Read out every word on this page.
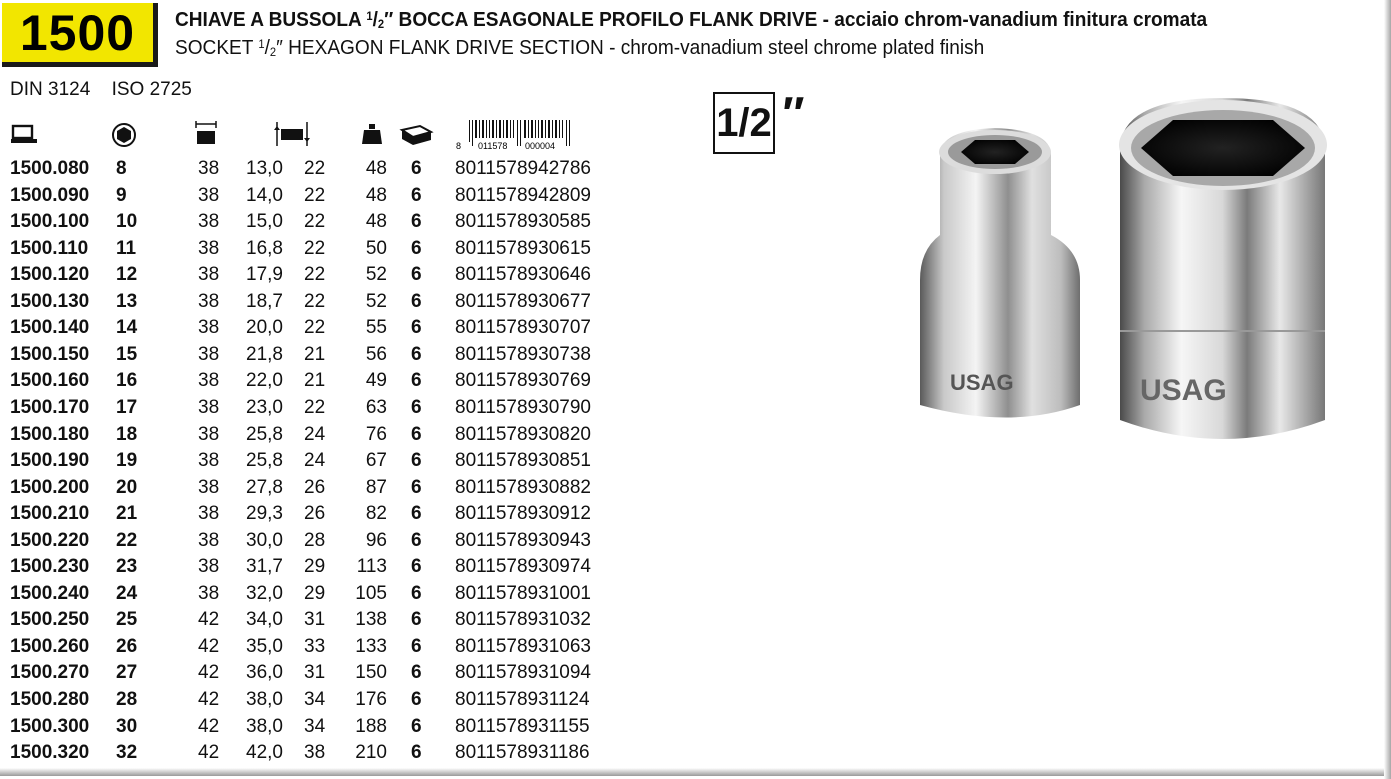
1500 CHIAVE A BUSSOLA $^1$/$^2$″ BOCCA ESAGONALE PROFILO FLANK DRIVE - acciaio chrom-vanadium finitura cromata
SOCKET $^1$/$^2$″ HEXAGON FLANK DRIVE SECTION - chrom-vanadium steel chrome plated finish
DIN 3124 ISO 2725
8 011578 000004
1500.080 8	38 13,0 22	48 6 8011578942786
1500.090 9	38 14,0 22	48 6 8011578942809
1500.100 10	38 15,0 22	48 6 8011578930585
1500.110 11	38 16,8 22	50 6 8011578930615
1500.120 12	38 17,9 22	52 6 8011578930646
1500.130 13	38 18,7 22	52 6 8011578930677
1500.140 14	38 20,0 22	55 6 8011578930707
1500.150 15	38 21,8 21	56 6 8011578930738
1500.160 16	38 22,0 21	49 6 8011578930769
1500.170 17	38 23,0 22	63 6 8011578930790
1500.180 18	38 25,8 24	76 6 8011578930820
1500.190 19	38 25,8 24	67 6 8011578930851
1500.200 20	38 27,8 26	87 6 8011578930882
1500.210 21	38 29,3 26	82 6 8011578930912
1500.220 22	38 30,0 28	96 6 8011578930943
1500.230 23	38 31,7 29 113 6 8011578930974
1500.240 24	38 32,0 29 105 6 8011578931001
1500.250 25	42 34,0 31 138 6 8011578931032
1500.260 26	42 35,0 33 133 6 8011578931063
1500.270 27	42 36,0 31 150 6 8011578931094
1500.280 28	42 38,0 34 176 6 8011578931124
1500.300 30	42 38,0 34 188 6 8011578931155
1500.320 32	42 42,0 38 210 6 8011578931186
1/2 ″
USAG	USAG
